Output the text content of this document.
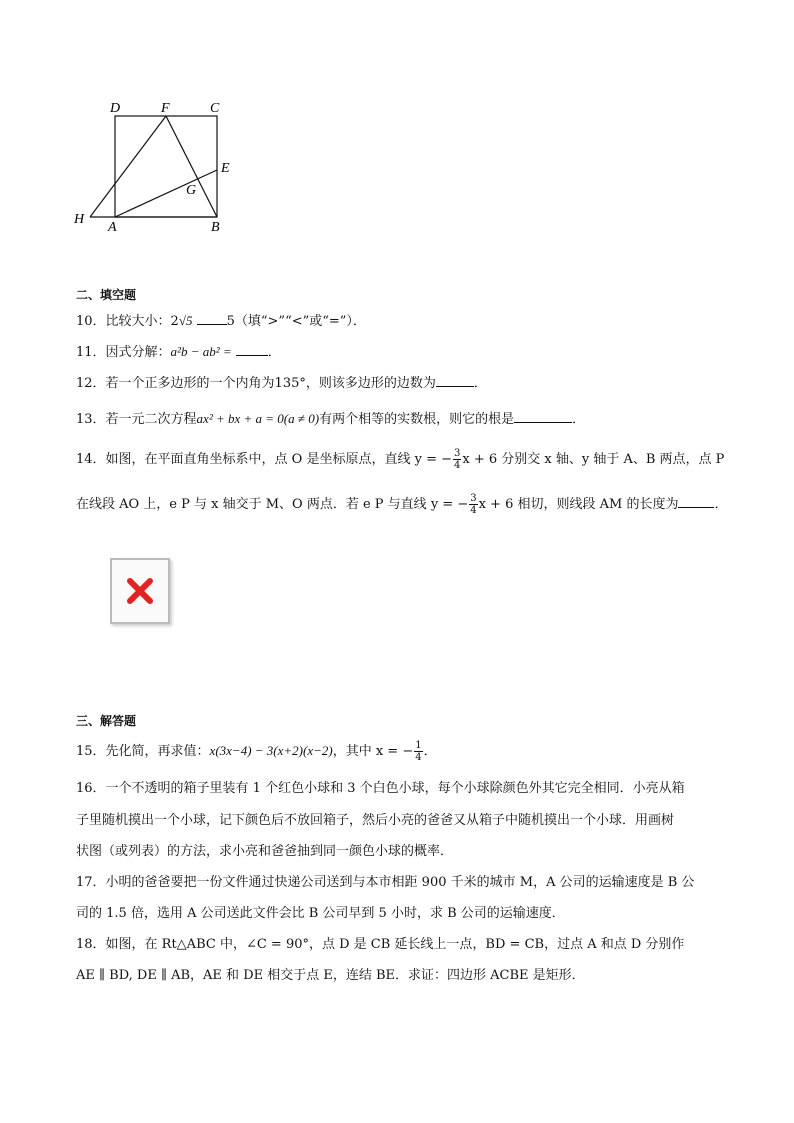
D	F	C
E
G
H
A	B
二、填空题
10．比较大小：2√5	5（填“>”“<”或“=”）．
11．因式分解：a²b − ab² =	．
12．若一个正多边形的一个内角为135°，则该多边形的边数为	．
13．若一元二次方程ax² + bx + a = 0(a ≠ 0)有两个相等的实数根，则它的根是	．
14．如图，在平面直角坐标系中，点 O 是坐标原点，直线 y = − $\frac{3}{4}$ x + 6 分别交 x 轴、y 轴于 A、B 两点，点 P
在线段 AO 上，e P 与 x 轴交于 M、O 两点．若 e P 与直线 y = − $\frac{3}{4}$ x + 6 相切，则线段 AM 的长度为	．
三、解答题
15．先化简，再求值：x(3x−4) − 3(x+2)(x−2)，其中 x = − $\frac{1}{4}$ ．
16．一个不透明的箱子里装有 1 个红色小球和 3 个白色小球，每个小球除颜色外其它完全相同．小亮从箱
子里随机摸出一个小球，记下颜色后不放回箱子，然后小亮的爸爸又从箱子中随机摸出一个小球．用画树
状图（或列表）的方法，求小亮和爸爸抽到同一颜色小球的概率．
17．小明的爸爸要把一份文件通过快递公司送到与本市相距 900 千米的城市 M，A 公司的运输速度是 B 公
司的 1.5 倍，选用 A 公司送此文件会比 B 公司早到 5 小时，求 B 公司的运输速度．
18．如图，在 Rt△ABC 中，∠C = 90°，点 D 是 CB 延长线上一点，BD = CB，过点 A 和点 D 分别作
AE ∥ BD, DE ∥ AB，AE 和 DE 相交于点 E，连结 BE．求证：四边形 ACBE 是矩形．
